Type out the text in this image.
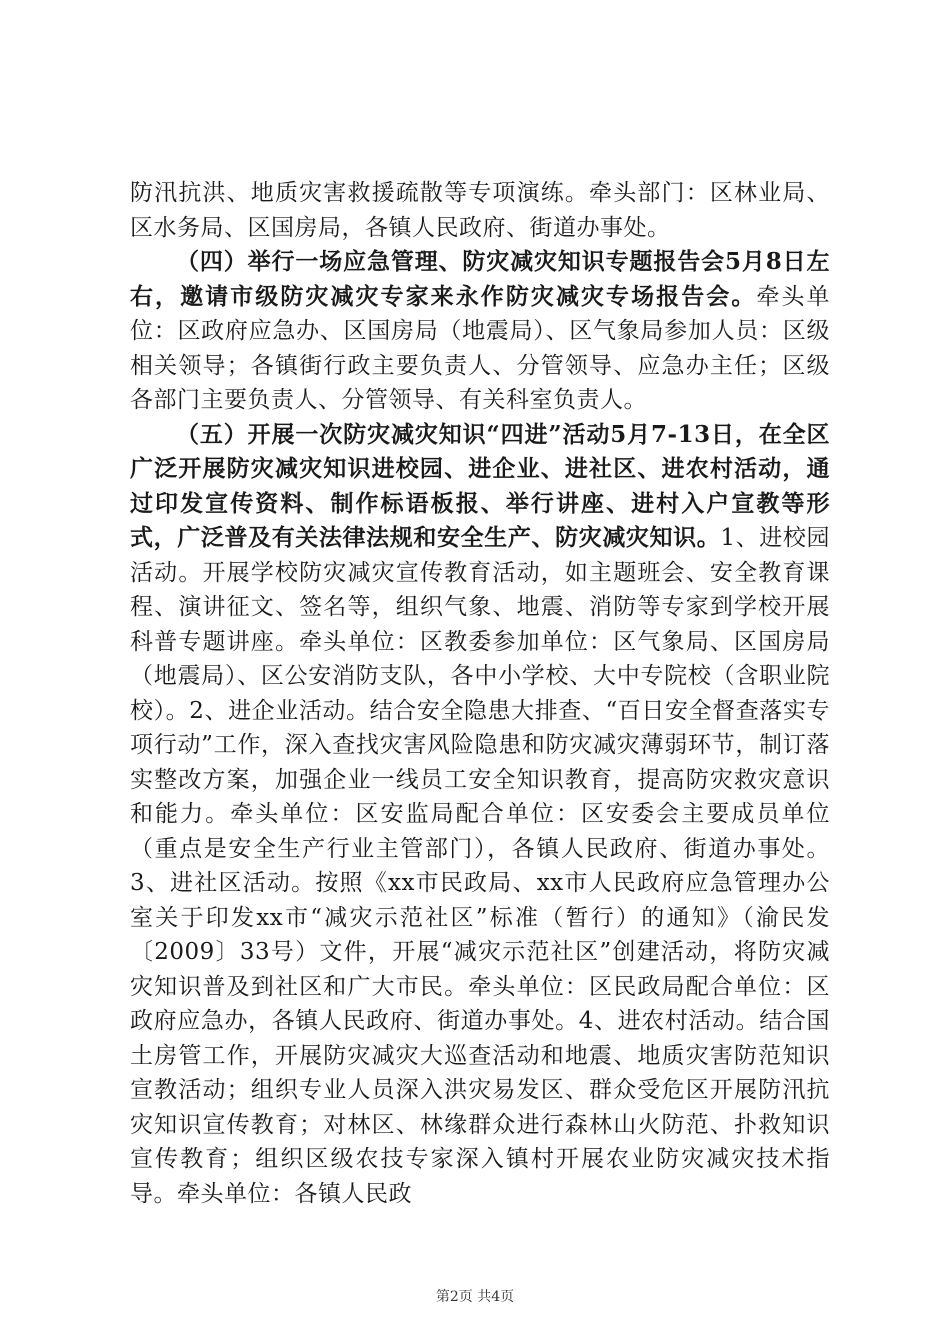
防汛抗洪、地质灾害救援疏散等专项演练。牵头部门：区林业局、区水务局、区国房局，各镇人民政府、街道办事处。

（四）举行一场应急管理、防灾减灾知识专题报告会5月8日左右，邀请市级防灾减灾专家来永作防灾减灾专场报告会。牵头单位：区政府应急办、区国房局（地震局）、区气象局参加人员：区级相关领导；各镇街行政主要负责人、分管领导、应急办主任；区级各部门主要负责人、分管领导、有关科室负责人。

（五）开展一次防灾减灾知识“四进”活动5月7-13日，在全区广泛开展防灾减灾知识进校园、进企业、进社区、进农村活动，通过印发宣传资料、制作标语板报、举行讲座、进村入户宣教等形式，广泛普及有关法律法规和安全生产、防灾减灾知识。1、进校园活动。开展学校防灾减灾宣传教育活动，如主题班会、安全教育课程、演讲征文、签名等，组织气象、地震、消防等专家到学校开展科普专题讲座。牵头单位：区教委参加单位：区气象局、区国房局（地震局）、区公安消防支队，各中小学校、大中专院校（含职业院校）。2、进企业活动。结合安全隐患大排查、“百日安全督查落实专项行动”工作，深入查找灾害风险隐患和防灾减灾薄弱环节，制订落实整改方案，加强企业一线员工安全知识教育，提高防灾救灾意识和能力。牵头单位：区安监局配合单位：区安委会主要成员单位（重点是安全生产行业主管部门），各镇人民政府、街道办事处。3、进社区活动。按照《xx市民政局、xx市人民政府应急管理办公室关于印发xx市“减灾示范社区”标准（暂行）的通知》（渝民发〔2009〕33号）文件，开展“减灾示范社区”创建活动，将防灾减灾知识普及到社区和广大市民。牵头单位：区民政局配合单位：区政府应急办，各镇人民政府、街道办事处。4、进农村活动。结合国土房管工作，开展防灾减灾大巡查活动和地震、地质灾害防范知识宣教活动；组织专业人员深入洪灾易发区、群众受危区开展防汛抗灾知识宣传教育；对林区、林缘群众进行森林山火防范、扑救知识宣传教育；组织区级农技专家深入镇村开展农业防灾减灾技术指导。牵头单位：各镇人民政

第2页 共4页
